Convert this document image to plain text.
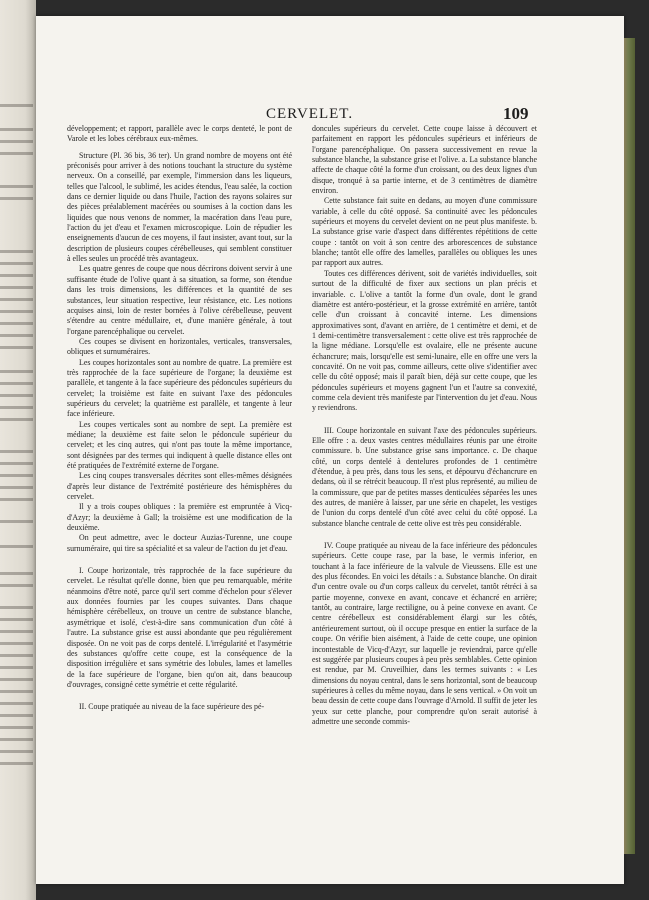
CERVELET.	109

développement; et rapport, parallèle avec le corps denteté, le pont de Varole et les lobes cérébraux eux-mêmes.

Structure (Pl. 36 bis, 36 ter). Un grand nombre de moyens ont été préconisés pour arriver à des notions touchant la structure du système nerveux. On a conseillé, par exemple, l'immersion dans les liqueurs, telles que l'alcool, le sublimé, les acides étendus, l'eau salée, la coction dans ce dernier liquide ou dans l'huile, l'action des rayons solaires sur des pièces préalablement macérées ou soumises à la coction dans les liquides que nous venons de nommer, la macération dans l'eau pure, l'action du jet d'eau et l'examen microscopique. Loin de répudier les enseignements d'aucun de ces moyens, il faut insister, avant tout, sur la description de plusieurs coupes cérébelleuses, qui semblent constituer à elles seules un procédé très avantageux.

Les quatre genres de coupe que nous décrirons doivent servir à une suffisante étude de l'olive quant à sa situation, sa forme, son étendue dans les trois dimensions, les différences et la quantité de ses substances, leur situation respective, leur résistance, etc. Les notions acquises ainsi, loin de rester bornées à l'olive cérébelleuse, peuvent s'étendre au centre médullaire, et, d'une manière générale, à tout l'organe parencéphalique ou cervelet.

Ces coupes se divisent en horizontales, verticales, transversales, obliques et surnuméraires.

Les coupes horizontales sont au nombre de quatre. La première est très rapprochée de la face supérieure de l'organe; la deuxième est parallèle, et tangente à la face supérieure des pédoncules supérieurs du cervelet; la troisième est faite en suivant l'axe des pédoncules supérieurs du cervelet; la quatrième est parallèle, et tangente à leur face inférieure.

Les coupes verticales sont au nombre de sept. La première est médiane; la deuxième est faite selon le pédoncule supérieur du cervelet; et les cinq autres, qui n'ont pas toute la même importance, sont désignées par des termes qui indiquent à quelle distance elles ont été pratiquées de l'extrémité externe de l'organe.

Les cinq coupes transversales décrites sont elles-mêmes désignées d'après leur distance de l'extrémité postérieure des hémisphères du cervelet.

Il y a trois coupes obliques : la première est empruntée à Vicq-d'Azyr; la deuxième à Gall; la troisième est une modification de la deuxième.

On peut admettre, avec le docteur Auzias-Turenne, une coupe surnuméraire, qui tire sa spécialité et sa valeur de l'action du jet d'eau.

I. Coupe horizontale, très rapprochée de la face supérieure du cervelet. Le résultat qu'elle donne, bien que peu remarquable, mérite néanmoins d'être noté, parce qu'il sert comme d'échelon pour s'élever aux données fournies par les coupes suivantes. Dans chaque hémisphère cérébelleux, on trouve un centre de substance blanche, asymétrique et isolé, c'est-à-dire sans communication d'un côté à l'autre. La substance grise est aussi abondante que peu régulièrement disposée. On ne voit pas de corps dentelé. L'irrégularité et l'asymétrie des substances qu'offre cette coupe, est la conséquence de la disposition irrégulière et sans symétrie des lobules, lames et lamelles de la face supérieure de l'organe, bien qu'on ait, dans beaucoup d'ouvrages, consigné cette symétrie et cette régularité.

II. Coupe pratiquée au niveau de la face supérieure des pé-

doncules supérieurs du cervelet. Cette coupe laisse à découvert et parfaitement en rapport les pédoncules supérieurs et inférieurs de l'organe parencéphalique. On passera successivement en revue la substance blanche, la substance grise et l'olive. a. La substance blanche affecte de chaque côté la forme d'un croissant, ou des deux lignes d'un disque, tronqué à sa partie interne, et de 3 centimètres de diamètre environ.

Cette substance fait suite en dedans, au moyen d'une commissure variable, à celle du côté opposé. Sa continuité avec les pédoncules supérieurs et moyens du cervelet devient on ne peut plus manifeste. b. La substance grise varie d'aspect dans différentes répétitions de cette coupe : tantôt on voit à son centre des arborescences de substance blanche; tantôt elle offre des lamelles, parallèles ou obliques les unes par rapport aux autres.

Toutes ces différences dérivent, soit de variétés individuelles, soit surtout de la difficulté de fixer aux sections un plan précis et invariable. c. L'olive a tantôt la forme d'un ovale, dont le grand diamètre est antéro-postérieur, et la grosse extrémité en arrière, tantôt celle d'un croissant à concavité interne. Les dimensions approximatives sont, d'avant en arrière, de 1 centimètre et demi, et de 1 demi-centimètre transversalement : cette olive est très rapprochée de la ligne médiane. Lorsqu'elle est ovalaire, elle ne présente aucune échancrure; mais, lorsqu'elle est semi-lunaire, elle en offre une vers la concavité. On ne voit pas, comme ailleurs, cette olive s'identifier avec celle du côté opposé; mais il paraît bien, déjà sur cette coupe, que les pédoncules supérieurs et moyens gagnent l'un et l'autre sa convexité, comme cela devient très manifeste par l'intervention du jet d'eau. Nous y reviendrons.

III. Coupe horizontale en suivant l'axe des pédoncules supérieurs. Elle offre : a. deux vastes centres médullaires réunis par une étroite commissure. b. Une substance grise sans importance. c. De chaque côté, un corps dentelé à dentelures profondes de 1 centimètre d'étendue, à peu près, dans tous les sens, et dépourvu d'échancrure en dedans, où il se rétrécit beaucoup. Il n'est plus représenté, au milieu de la commissure, que par de petites masses denticulées séparées les unes des autres, de manière à laisser, par une série en chapelet, les vestiges de l'union du corps dentelé d'un côté avec celui du côté opposé. La substance blanche centrale de cette olive est très peu considérable.

IV. Coupe pratiquée au niveau de la face inférieure des pédoncules supérieurs. Cette coupe rase, par la base, le vermis inferior, en touchant à la face inférieure de la valvule de Vieussens. Elle est une des plus fécondes. En voici les détails : a. Substance blanche. On dirait d'un centre ovale ou d'un corps calleux du cervelet, tantôt rétréci à sa partie moyenne, convexe en avant, concave et échancré en arrière; tantôt, au contraire, large rectiligne, ou à peine convexe en avant. Ce centre cérébelleux est considérablement élargi sur les côtés, antérieurement surtout, où il occupe presque en entier la surface de la coupe. On vérifie bien aisément, à l'aide de cette coupe, une opinion incontestable de Vicq-d'Azyr, sur laquelle je reviendrai, parce qu'elle est suggérée par plusieurs coupes à peu près semblables. Cette opinion est rendue, par M. Cruveilhier, dans les termes suivants : « Les dimensions du noyau central, dans le sens horizontal, sont de beaucoup supérieures à celles du même noyau, dans le sens vertical. » On voit un beau dessin de cette coupe dans l'ouvrage d'Arnold. Il suffit de jeter les yeux sur cette planche, pour comprendre qu'on serait autorisé à admettre une seconde commis-
